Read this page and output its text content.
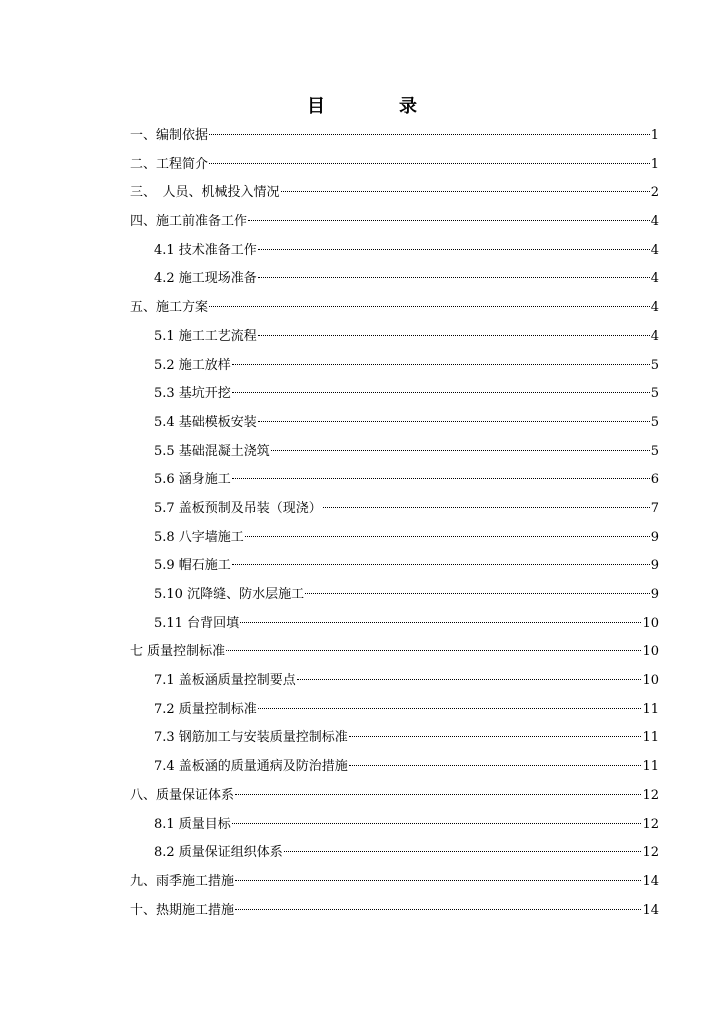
目　录
一、编制依据	1
二、工程简介	1
三、　人员、机械投入情况	2
四、施工前准备工作	4
4.1 技术准备工作	4
4.2 施工现场准备	4
五、施工方案	4
5.1 施工工艺流程	4
5.2 施工放样	5
5.3 基坑开挖	5
5.4 基础模板安装	5
5.5 基础混凝土浇筑	5
5.6 涵身施工	6
5.7 盖板预制及吊装（现浇）	7
5.8 八字墙施工	9
5.9 帽石施工	9
5.10 沉降缝、防水层施工	9
5.11 台背回填	10
七 质量控制标准	10
7.1 盖板涵质量控制要点	10
7.2 质量控制标准	11
7.3 钢筋加工与安装质量控制标准	11
7.4 盖板涵的质量通病及防治措施	11
八、质量保证体系	12
8.1 质量目标	12
8.2 质量保证组织体系	12
九、雨季施工措施	14
十、热期施工措施	14
